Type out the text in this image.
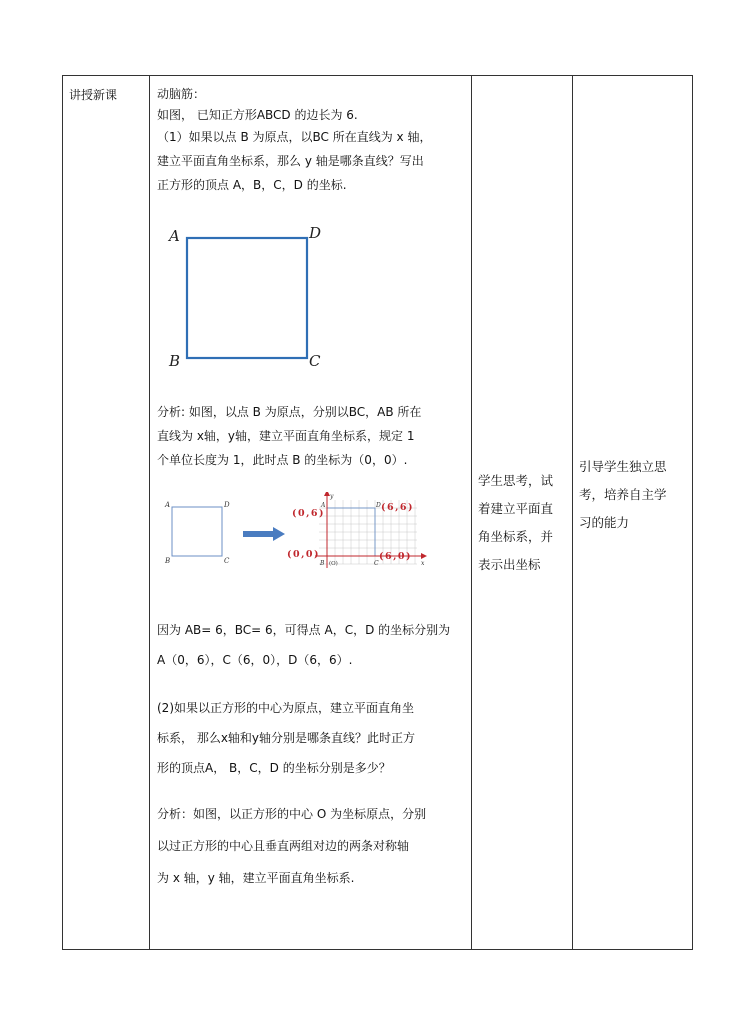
讲授新课	动脑筋：
如图， 已知正方形ABCD 的边长为 6.
（1）如果以点 B 为原点，以BC 所在直线为 x 轴，
建立平面直角坐标系，那么 y 轴是哪条直线？写出
正方形的顶点 A，B，C，D 的坐标.
A	D
B	C
分析: 如图，以点 B 为原点，分别以BC，AB 所在
直线为 x轴，y轴，建立平面直角坐标系，规定 1
个单位长度为 1，此时点 B 的坐标为（0，0）.
A	D
B	C
y
x
A	D
B (O)	C
(0,6)
(6,6)
(0,0)	(6,0)
因为 AB= 6，BC= 6，可得点 A，C，D 的坐标分别为
A（0，6），C（6，0），D（6，6）.
(2)如果以正方形的中心为原点，建立平面直角坐
标系， 那么x轴和y轴分别是哪条直线？此时正方
形的顶点A， B，C，D 的坐标分别是多少？
分析：如图，以正方形的中心 O 为坐标原点，分别
以过正方形的中心且垂直两组对边的两条对称轴
为 x 轴，y 轴，建立平面直角坐标系.

学生思考，试
着建立平面直
角坐标系，并
表示出坐标

引导学生独立思
考，培养自主学
习的能力
